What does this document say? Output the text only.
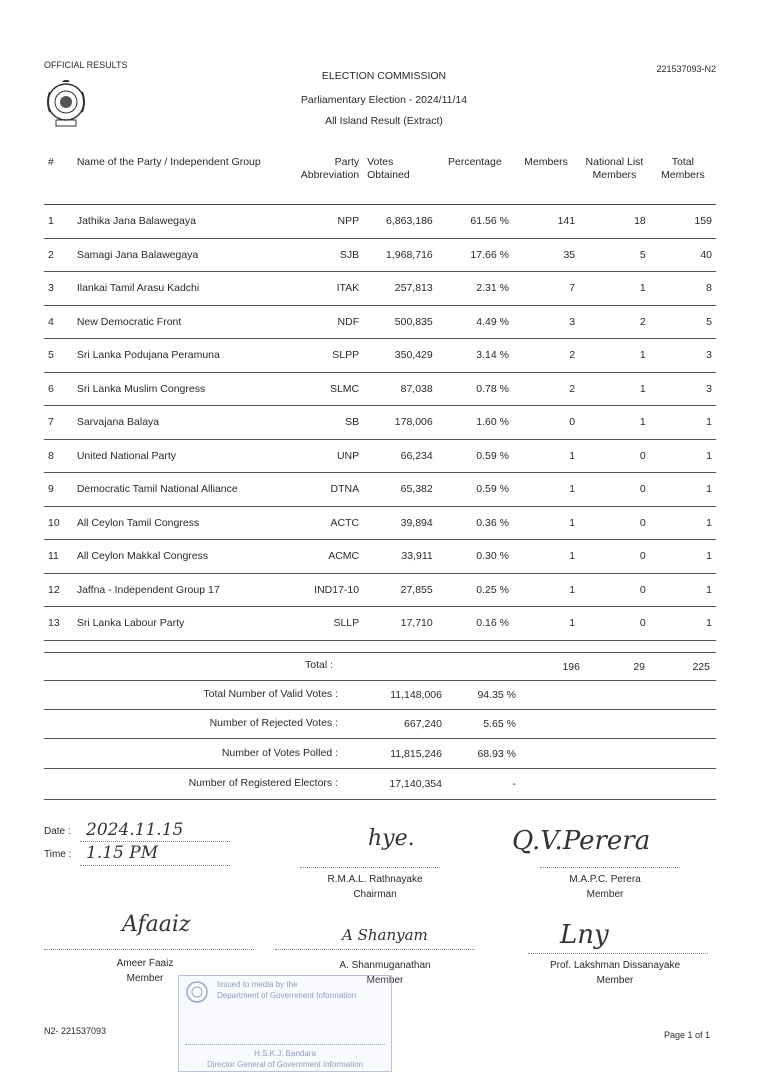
OFFICIAL RESULTS	221537093-N2
ELECTION COMMISSION
Parliamentary Election - 2024/11/14
All Island Result (Extract)
#	Name of the Party / Independent Group	Party Abbreviation	Votes Obtained	Percentage	Members	National List Members	Total Members
1	Jathika Jana Balawegaya	NPP	6,863,186	61.56 %	141	18	159
2	Samagi Jana Balawegaya	SJB	1,968,716	17.66 %	35	5	40
3	Ilankai Tamil Arasu Kadchi	ITAK	257,813	2.31 %	7	1	8
4	New Democratic Front	NDF	500,835	4.49 %	3	2	5
5	Sri Lanka Podujana Peramuna	SLPP	350,429	3.14 %	2	1	3
6	Sri Lanka Muslim Congress	SLMC	87,038	0.78 %	2	1	3
7	Sarvajana Balaya	SB	178,006	1.60 %	0	1	1
8	United National Party	UNP	66,234	0.59 %	1	0	1
9	Democratic Tamil National Alliance	DTNA	65,382	0.59 %	1	0	1
10	All Ceylon Tamil Congress	ACTC	39,894	0.36 %	1	0	1
11	All Ceylon Makkal Congress	ACMC	33,911	0.30 %	1	0	1
12	Jaffna - Independent Group 17	IND17-10	27,855	0.25 %	1	0	1
13	Sri Lanka Labour Party	SLLP	17,710	0.16 %	1	0	1
Total :	196	29	225
Total Number of Valid Votes :	11,148,006	94.35 %
Number of Rejected Votes :	667,240	5.65 %
Number of Votes Polled :	11,815,246	68.93 %
Number of Registered Electors :	17,140,354	-
Date : 2024.11.15
Time : 1.15 PM
hye.
R.M.A.L. Rathnayake
Chairman
Q.V.Perera
M.A.P.C. Perera
Member
Afaaiz
Ameer Faaiz
Member
A Shanyam
A. Shanmuganathan
Member
Lny
Prof. Lakshman Dissanayake
Member
Issued to media by the
Department of Government Information
H.S.K.J. Bandara
Director General of Government Information
N2- 221537093	Page 1 of 1
